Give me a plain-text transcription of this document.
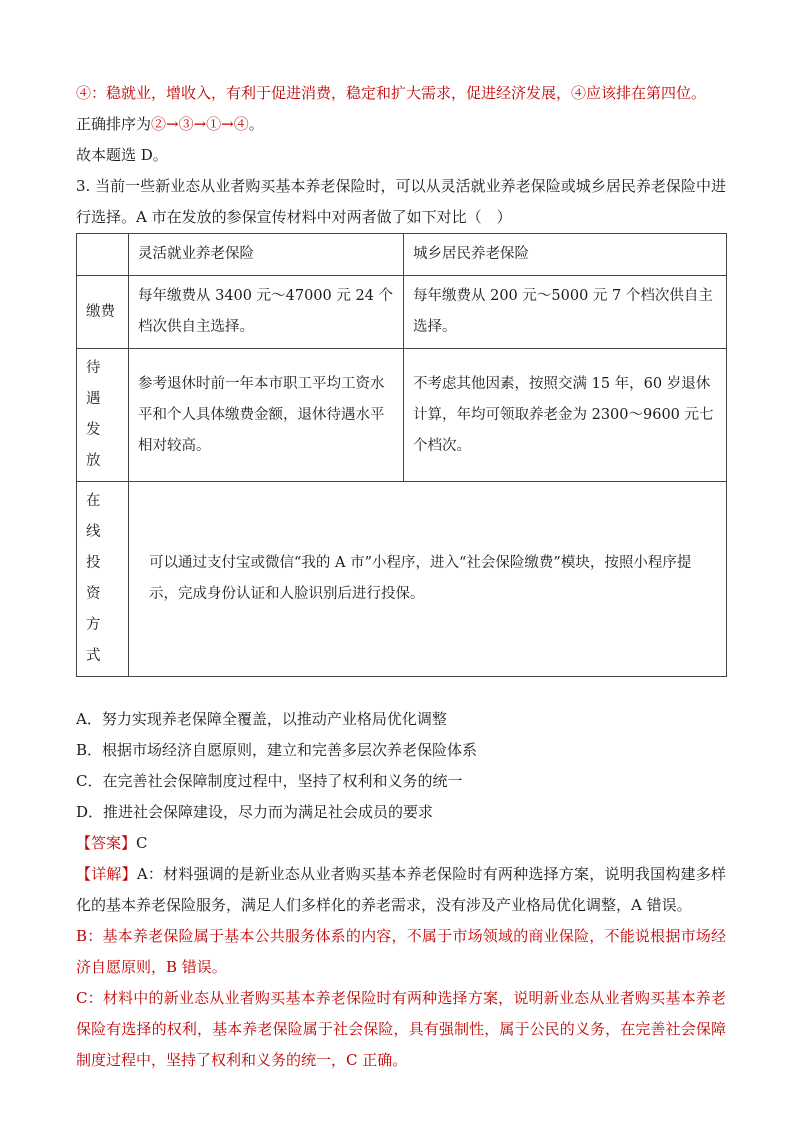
④：稳就业，增收入，有利于促进消费，稳定和扩大需求，促进经济发展，④应该排在第四位。

正确排序为②→③→①→④。

故本题选 D。

3. 当前一些新业态从业者购买基本养老保险时，可以从灵活就业养老保险或城乡居民养老保险中进行选择。A 市在发放的参保宣传材料中对两者做了如下对比（　）

	灵活就业养老保险	城乡居民养老保险
缴费	每年缴费从 3400 元～47000 元 24 个档次供自主选择。	每年缴费从 200 元～5000 元 7 个档次供自主选择。
待遇发放	参考退休时前一年本市职工平均工资水平和个人具体缴费金额，退休待遇水平相对较高。	不考虑其他因素，按照交满 15 年，60 岁退休计算，年均可领取养老金为 2300～9600 元七个档次。
在线投资方式	可以通过支付宝或微信“我的 A 市”小程序，进入“社会保险缴费”模块，按照小程序提示，完成身份认证和人脸识别后进行投保。	

A．努力实现养老保障全覆盖，以推动产业格局优化调整

B．根据市场经济自愿原则，建立和完善多层次养老保险体系

C．在完善社会保障制度过程中，坚持了权利和义务的统一

D．推进社会保障建设，尽力而为满足社会成员的要求

【答案】C

【详解】A：材料强调的是新业态从业者购买基本养老保险时有两种选择方案，说明我国构建多样化的基本养老保险服务，满足人们多样化的养老需求，没有涉及产业格局优化调整，A 错误。

B：基本养老保险属于基本公共服务体系的内容，不属于市场领域的商业保险，不能说根据市场经济自愿原则，B 错误。

C：材料中的新业态从业者购买基本养老保险时有两种选择方案，说明新业态从业者购买基本养老保险有选择的权利，基本养老保险属于社会保险，具有强制性，属于公民的义务，在完善社会保障制度过程中，坚持了权利和义务的统一，C 正确。
